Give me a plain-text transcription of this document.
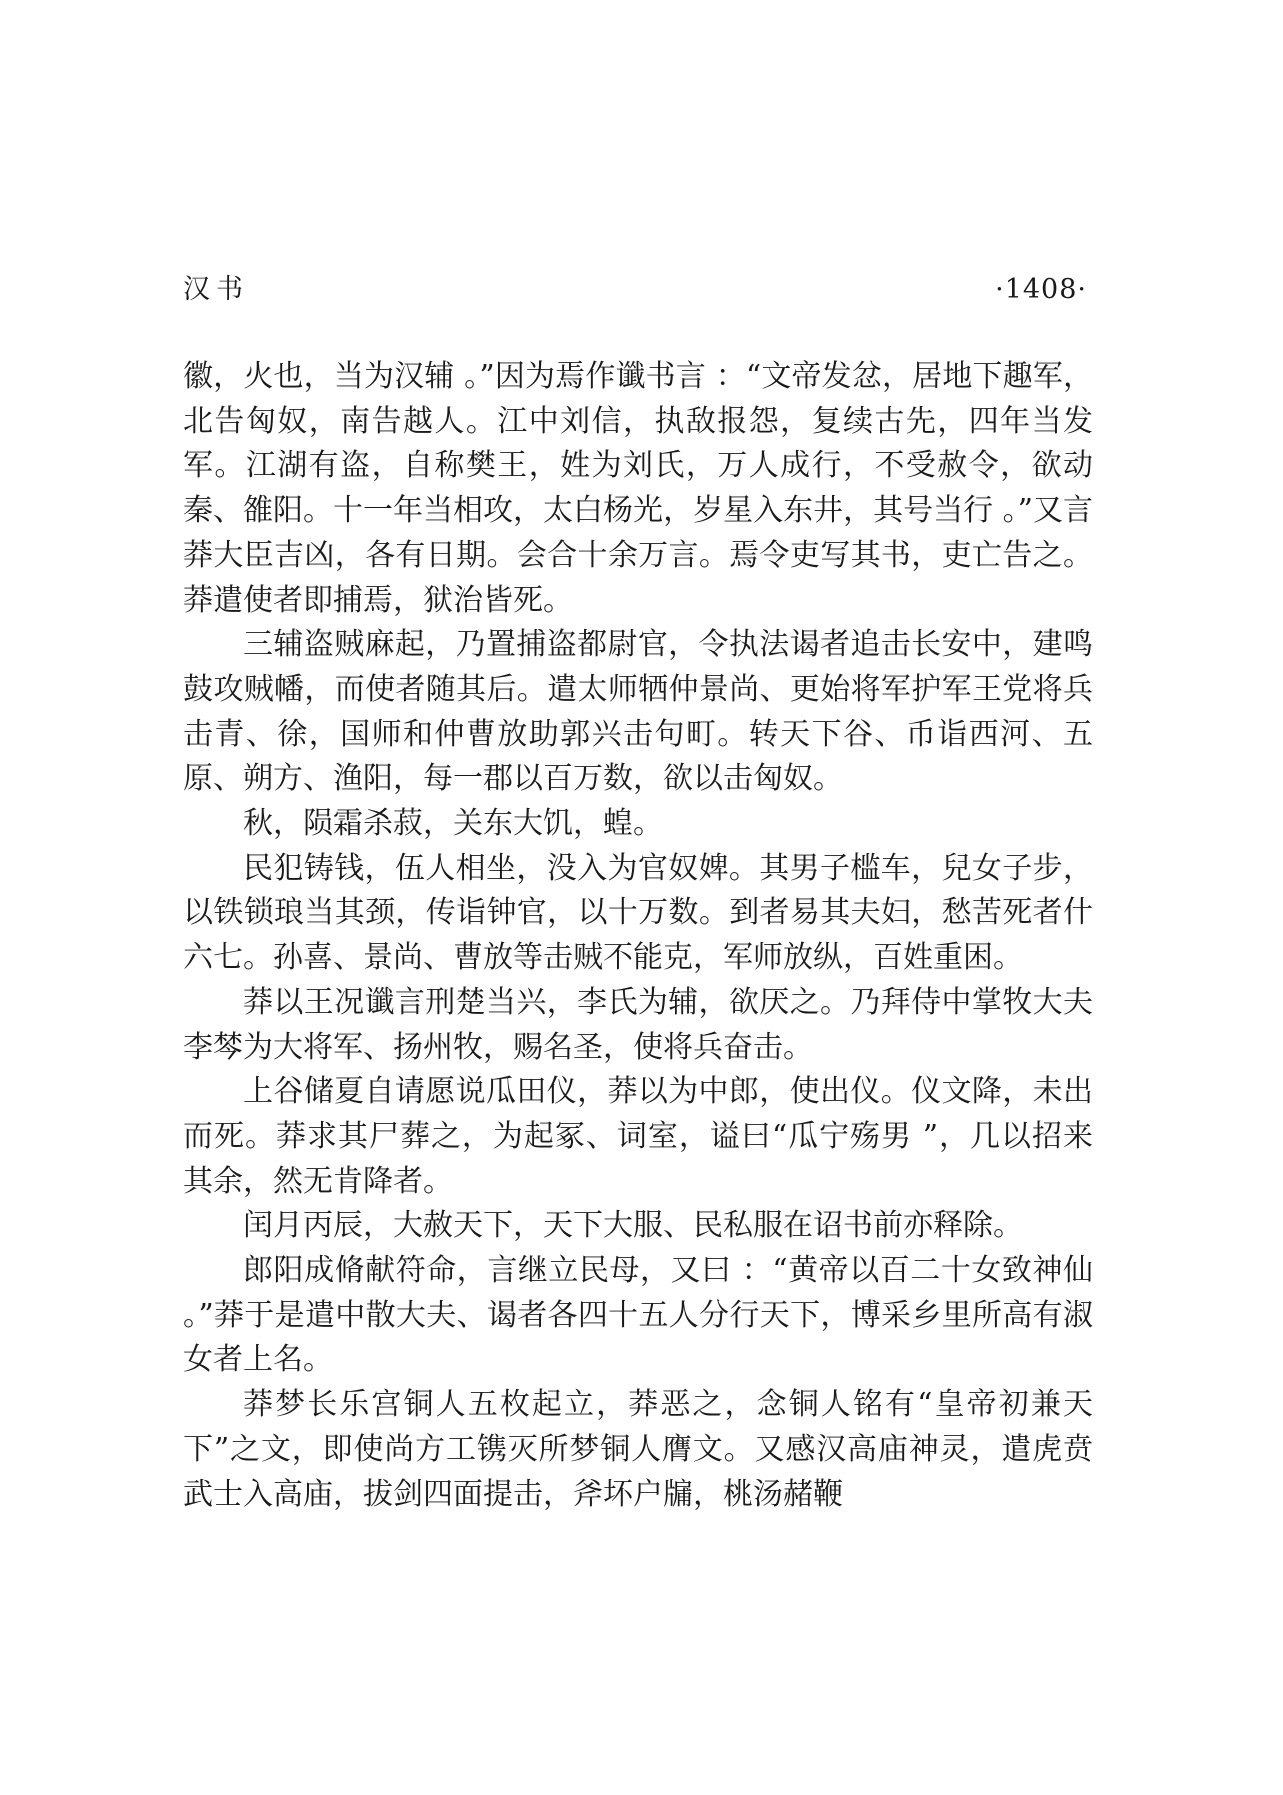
汉书	·1408·

徽，火也，当为汉辅 。”因为焉作谶书言 ：“文帝发忿，居地下趣军，北告匈奴，南告越人。江中刘信，执敌报怨，复续古先，四年当发军。江湖有盗，自称樊王，姓为刘氏，万人成行，不受赦令，欲动秦、雒阳。十一年当相攻，太白杨光，岁星入东井，其号当行 。”又言莽大臣吉凶，各有日期。会合十余万言。焉令吏写其书，吏亡告之。莽遣使者即捕焉，狱治皆死。

三辅盗贼麻起，乃置捕盗都尉官，令执法谒者追击长安中，建鸣鼓攻贼幡，而使者随其后。遣太师牺仲景尚、更始将军护军王党将兵击青、徐，国师和仲曹放助郭兴击句町。转天下谷、币诣西河、五原、朔方、渔阳，每一郡以百万数，欲以击匈奴。

秋，陨霜杀菽，关东大饥，蝗。

民犯铸钱，伍人相坐，没入为官奴婢。其男子槛车，兒女子步，以铁锁琅当其颈，传诣钟官，以十万数。到者易其夫妇，愁苦死者什六七。孙喜、景尚、曹放等击贼不能克，军师放纵，百姓重困。

莽以王况谶言刑楚当兴，李氏为辅，欲厌之。乃拜侍中掌牧大夫李棽为大将军、扬州牧，赐名圣，使将兵奋击。

上谷储夏自请愿说瓜田仪，莽以为中郎，使出仪。仪文降，未出而死。莽求其尸葬之，为起冢、词室，谥曰“瓜宁殇男 ”，几以招来其余，然无肯降者。

闰月丙辰，大赦天下，天下大服、民私服在诏书前亦释除。

郎阳成脩献符命，言继立民母，又曰 ：“黄帝以百二十女致神仙 。”莽于是遣中散大夫、谒者各四十五人分行天下，博采乡里所高有淑女者上名。

莽梦长乐宫铜人五枚起立，莽恶之，念铜人铭有“皇帝初兼天下”之文，即使尚方工镌灭所梦铜人膺文。又感汉高庙神灵，遣虎贲武士入高庙，拔剑四面提击，斧坏户牖，桃汤赭鞭
